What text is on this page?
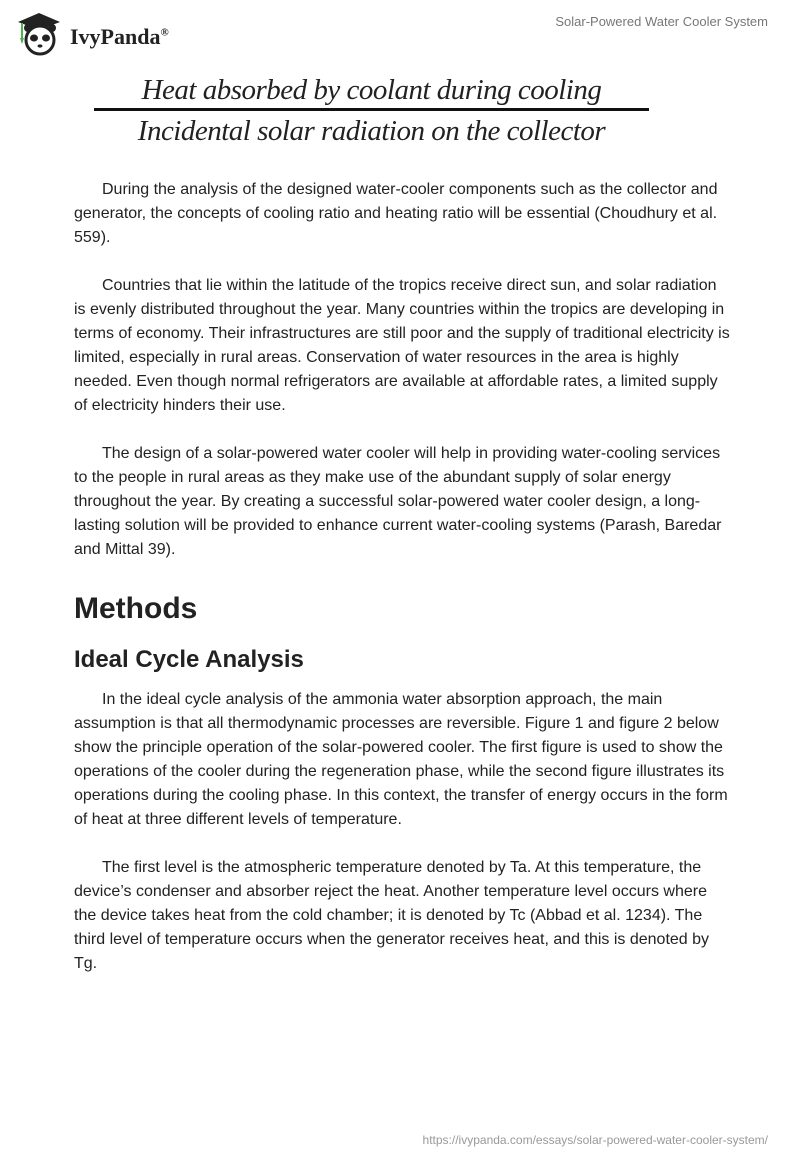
IvyPanda®
Solar-Powered Water Cooler System
Heat absorbed by coolant during cooling
Incidental solar radiation on the collector

During the analysis of the designed water-cooler components such as the collector and generator, the concepts of cooling ratio and heating ratio will be essential (Choudhury et al. 559).

Countries that lie within the latitude of the tropics receive direct sun, and solar radiation is evenly distributed throughout the year. Many countries within the tropics are developing in terms of economy. Their infrastructures are still poor and the supply of traditional electricity is limited, especially in rural areas. Conservation of water resources in the area is highly needed. Even though normal refrigerators are available at affordable rates, a limited supply of electricity hinders their use.

The design of a solar-powered water cooler will help in providing water-cooling services to the people in rural areas as they make use of the abundant supply of solar energy throughout the year. By creating a successful solar-powered water cooler design, a long-lasting solution will be provided to enhance current water-cooling systems (Parash, Baredar and Mittal 39).

Methods
Ideal Cycle Analysis

In the ideal cycle analysis of the ammonia water absorption approach, the main assumption is that all thermodynamic processes are reversible. Figure 1 and figure 2 below show the principle operation of the solar-powered cooler. The first figure is used to show the operations of the cooler during the regeneration phase, while the second figure illustrates its operations during the cooling phase. In this context, the transfer of energy occurs in the form of heat at three different levels of temperature.

The first level is the atmospheric temperature denoted by Ta. At this temperature, the device’s condenser and absorber reject the heat. Another temperature level occurs where the device takes heat from the cold chamber; it is denoted by Tc (Abbad et al. 1234). The third level of temperature occurs when the generator receives heat, and this is denoted by Tg.

https://ivypanda.com/essays/solar-powered-water-cooler-system/
